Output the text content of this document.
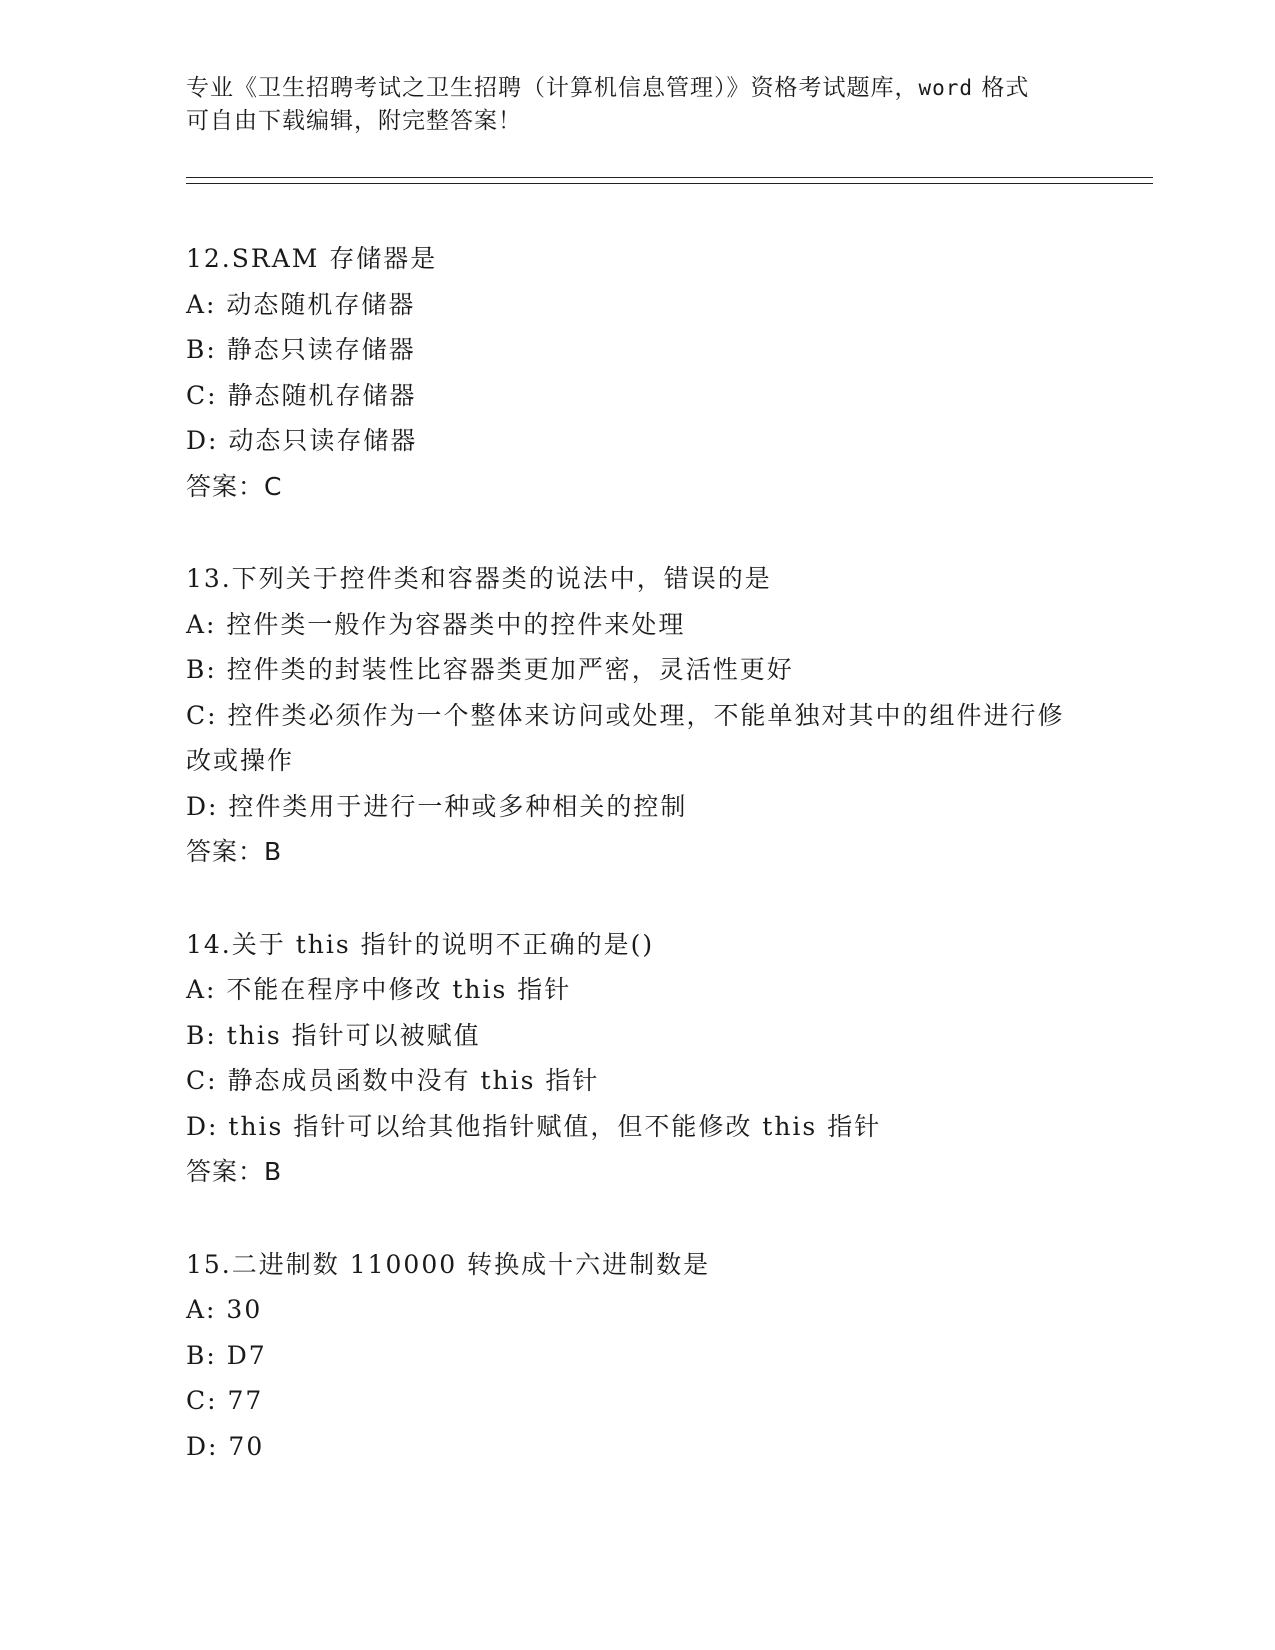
专业《卫生招聘考试之卫生招聘（计算机信息管理）》资格考试题库，word 格式
可自由下载编辑，附完整答案！
12.SRAM 存储器是
A: 动态随机存储器
B: 静态只读存储器
C: 静态随机存储器
D: 动态只读存储器
答案：C
13.下列关于控件类和容器类的说法中，错误的是
A: 控件类一般作为容器类中的控件来处理
B: 控件类的封装性比容器类更加严密，灵活性更好
C: 控件类必须作为一个整体来访问或处理，不能单独对其中的组件进行修改或操作
D: 控件类用于进行一种或多种相关的控制
答案：B
14.关于 this 指针的说明不正确的是()
A: 不能在程序中修改 this 指针
B: this 指针可以被赋值
C: 静态成员函数中没有 this 指针
D: this 指针可以给其他指针赋值，但不能修改 this 指针
答案：B
15.二进制数 110000 转换成十六进制数是
A: 30
B: D7
C: 77
D: 70
